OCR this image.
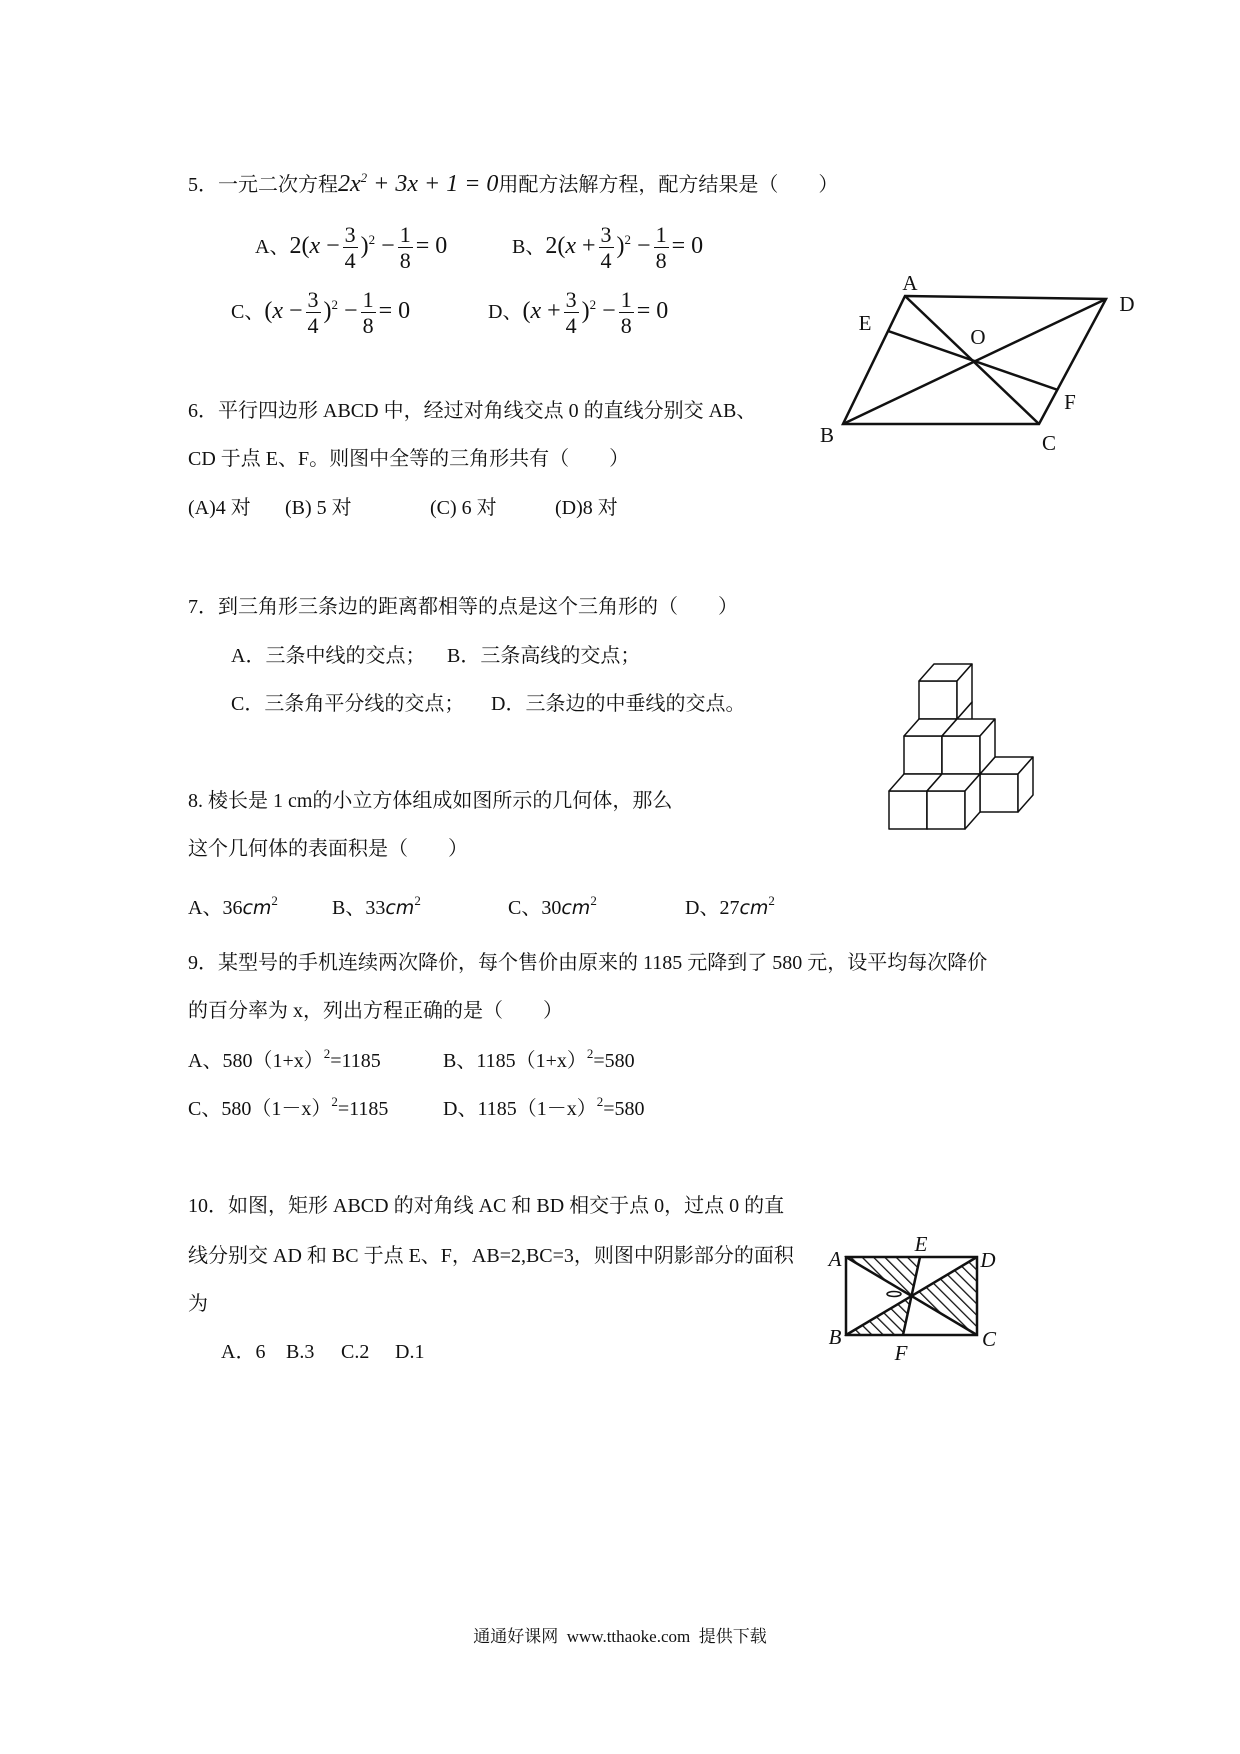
5．一元二次方程$2x^2 + 3x + 1 = 0$用配方法解方程，配方结果是（　　）
A、$2(x - \frac{3}{4} )^2 - \frac{1}{8} = 0$	B、$2(x + \frac{3}{4} )^2 - \frac{1}{8} = 0$
C、$(x - \frac{3}{4} )^2 - \frac{1}{8} = 0$	D、$(x + \frac{3}{4} )^2 - \frac{1}{8} = 0$
A
D
E
O
F
B	C
6．平行四边形 ABCD 中，经过对角线交点 0 的直线分别交 AB、
CD 于点 E、F。则图中全等的三角形共有（　　）
(A)4 对 (B) 5 对	(C) 6 对	(D)8 对
7．到三角形三条边的距离都相等的点是这个三角形的（　　）
A．三条中线的交点； B．三条高线的交点；
C．三条角平分线的交点； D．三条边的中垂线的交点。
8. 棱长是 1 cm的小立方体组成如图所示的几何体，那么
这个几何体的表面积是（　　）
A、$36cm^2$	B、$33cm^2$	C、$30cm^2$	D、$27cm^2$
9．某型号的手机连续两次降价，每个售价由原来的 1185 元降到了 580 元，设平均每次降价
的百分率为 x，列出方程正确的是（　　）
A、$580(1+x)^2=1185$	B、$1185(1+x)^2=580$
C、$580(1-x)^2=1185$	D、$1185(1-x)^2=580$
10．如图，矩形 ABCD 的对角线 AC 和 BD 相交于点 0，过点 0 的直
线分别交 AD 和 BC 于点 E、F，AB=2,BC=3，则图中阴影部分的面积
为
A．6 B.3 C.2 D.1
A
E
D
B	C
F
通通好课网  www.tthaoke.com  提供下载
